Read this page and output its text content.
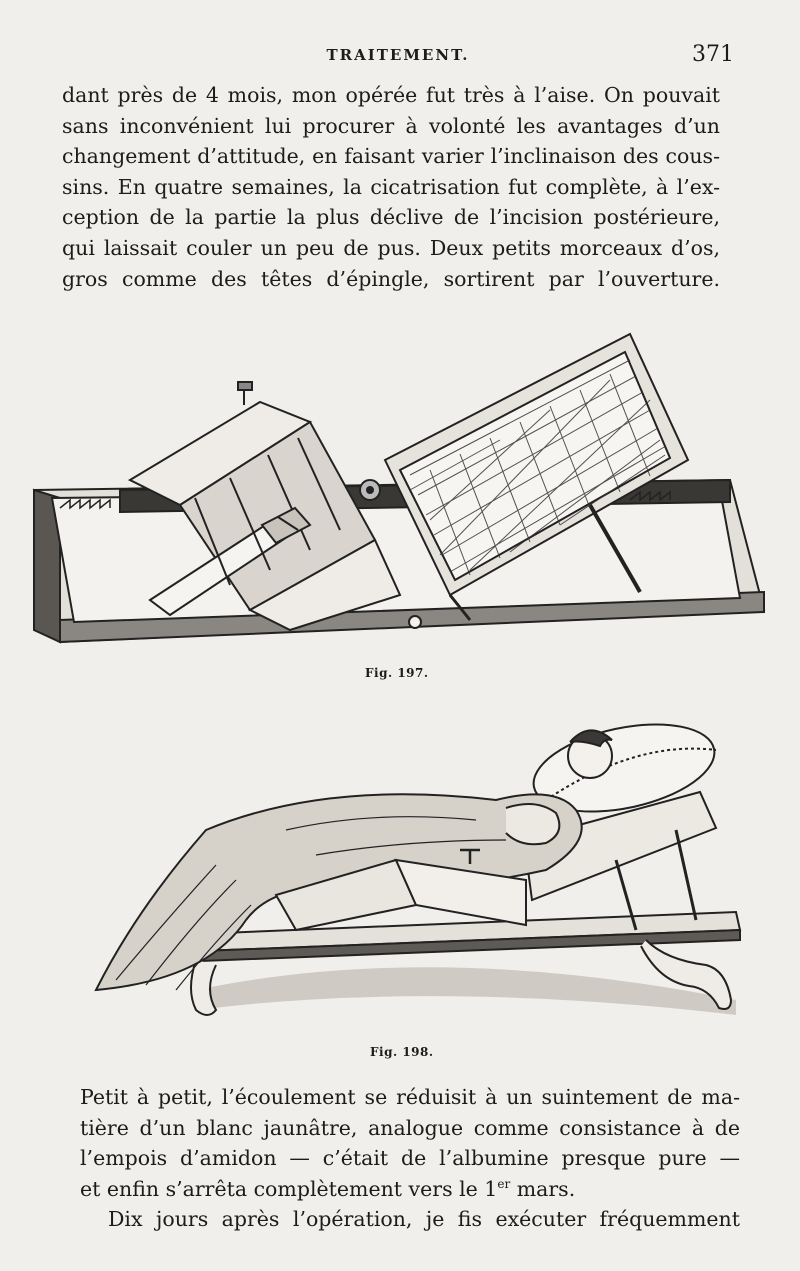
TRAITEMENT.	371
dant près de 4 mois, mon opérée fut très à l’aise. On pouvait
sans inconvénient lui procurer à volonté les avantages d’un
changement d’attitude, en faisant varier l’inclinaison des cous-
sins. En quatre semaines, la cicatrisation fut complète, à l’ex-
ception de la partie la plus déclive de l’incision postérieure,
qui laissait couler un peu de pus. Deux petits morceaux d’os,
gros comme des têtes d’épingle, sortirent par l’ouverture.
Fig. 197.
Fig. 198.
Petit à petit, l’écoulement se réduisit à un suintement de ma-
tière d’un blanc jaunâtre, analogue comme consistance à de
l’empois d’amidon — c’était de l’albumine presque pure —
et enfin s’arrêta complètement vers le 1er mars.
Dix jours après l’opération, je fis exécuter fréquemment
